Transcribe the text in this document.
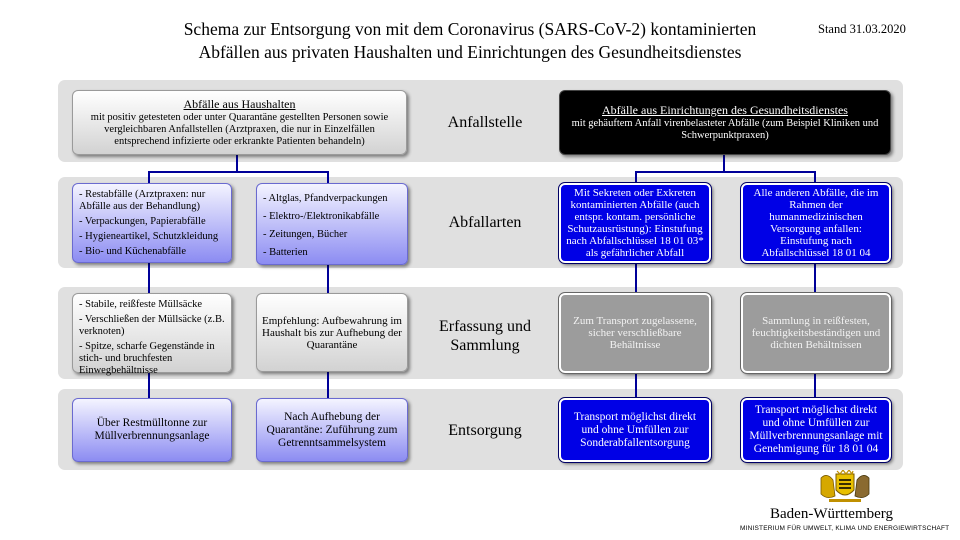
Schema zur Entsorgung von mit dem Coronavirus (SARS-CoV-2) kontaminierten
Abfällen aus privaten Haushalten und Einrichtungen des Gesundheitsdienstes
Stand 31.03.2020
Anfallstelle
Abfallarten
Erfassung und Sammlung
Entsorgung
Abfälle aus Haushalten
mit positiv getesteten oder unter Quarantäne gestellten Personen sowie vergleichbaren Anfallstellen (Arztpraxen, die nur in Einzelfällen entsprechend infizierte oder erkrankte Patienten behandeln)
Abfälle aus Einrichtungen des Gesundheitsdienstes
mit gehäuftem Anfall virenbelasteter Abfälle (zum Beispiel Kliniken und Schwerpunktpraxen)
- Restabfälle (Arztpraxen: nur Abfälle aus der Behandlung)
- Verpackungen, Papierabfälle
- Hygieneartikel, Schutzkleidung
- Bio- und Küchenabfälle
- Altglas, Pfandverpackungen
- Elektro-/Elektronikabfälle
- Zeitungen, Bücher
- Batterien
Mit Sekreten oder Exkreten kontaminierten Abfälle (auch entspr. kontam. persönliche Schutzausrüstung): Einstufung nach Abfallschlüssel 18 01 03* als gefährlicher Abfall
Alle anderen Abfälle, die im Rahmen der humanmedizinischen Versorgung anfallen: Einstufung nach Abfallschlüssel 18 01 04
- Stabile, reißfeste Müllsäcke
- Verschließen der Müllsäcke (z.B. verknoten)
- Spitze, scharfe Gegenstände in stich- und bruchfesten Einwegbehältnisse
Empfehlung: Aufbewahrung im Haushalt bis zur Aufhebung der Quarantäne
Zum Transport zugelassene, sicher verschließbare Behältnisse
Sammlung in reißfesten, feuchtigkeitsbeständigen und dichten Behältnissen
Über Restmülltonne zur Müllverbrennungsanlage
Nach Aufhebung der Quarantäne: Zuführung zum Getrenntsammelsystem
Transport möglichst direkt und ohne Umfüllen zur Sonderabfallentsorgung
Transport möglichst direkt und ohne Umfüllen zur Müllverbrennungsanlage mit Genehmigung für 18 01 04
Baden-Württemberg
MINISTERIUM FÜR UMWELT, KLIMA UND ENERGIEWIRTSCHAFT
